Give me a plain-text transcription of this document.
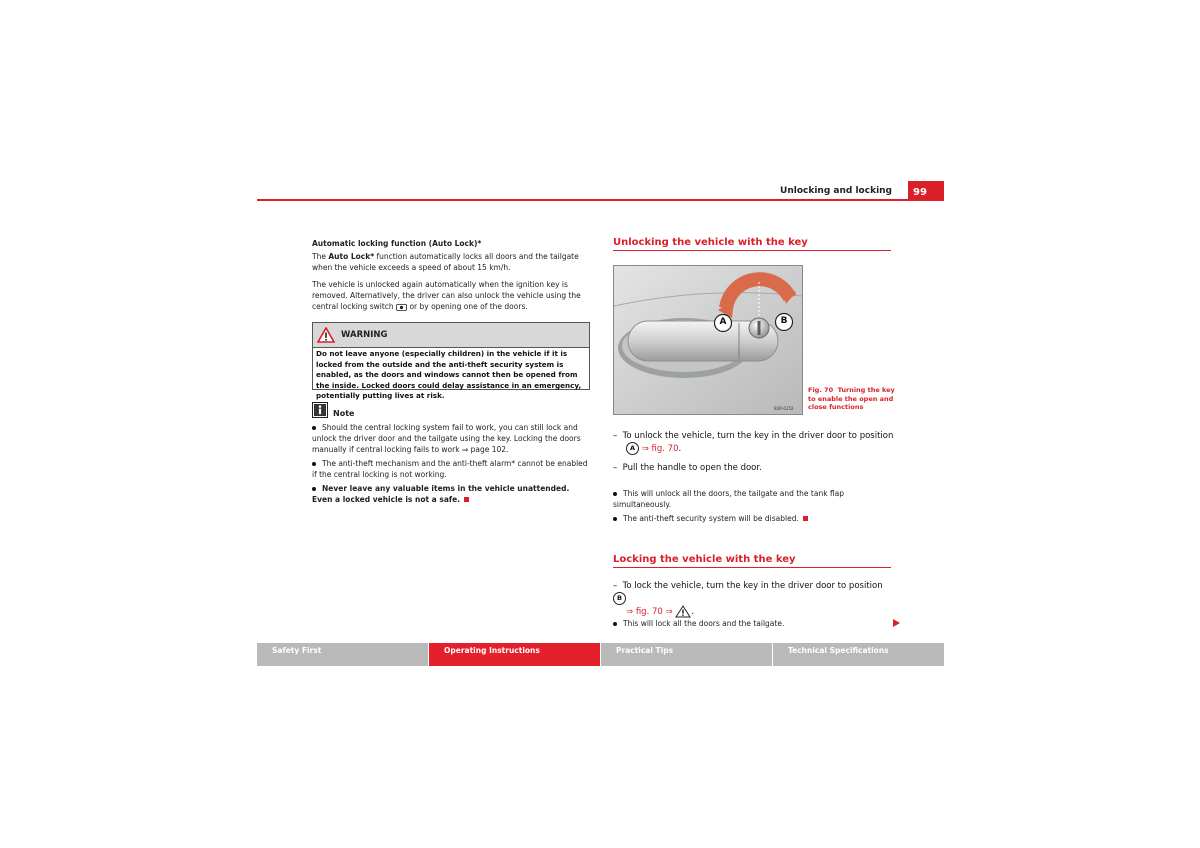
Unlocking and locking	99
Automatic locking function (Auto Lock)*
The Auto Lock* function automatically locks all doors and the tailgate when the vehicle exceeds a speed of about 15 km/h.
The vehicle is unlocked again automatically when the ignition key is removed. Alternatively, the driver can also unlock the vehicle using the central locking switch or by opening one of the doors.
WARNING
Do not leave anyone (especially children) in the vehicle if it is locked from the outside and the anti-theft security system is enabled, as the doors and windows cannot then be opened from the inside. Locked doors could delay assistance in an emergency, potentially putting lives at risk.
Note
Should the central locking system fail to work, you can still lock and unlock the driver door and the tailgate using the key. Locking the doors manually if central locking fails to work ⇒ page 102.
The anti-theft mechanism and the anti-theft alarm* cannot be enabled if the central locking is not working.
Never leave any valuable items in the vehicle unattended. Even a locked vehicle is not a safe.
Unlocking the vehicle with the key
A	B
B3R-0152
Fig. 70 Turning the key to enable the open and close functions
–  To unlock the vehicle, turn the key in the driver door to position
A ⇒ fig. 70.
–  Pull the handle to open the door.
This will unlock all the doors, the tailgate and the tank flap simultaneously.
The anti-theft security system will be disabled.
Locking the vehicle with the key
–  To lock the vehicle, turn the key in the driver door to position B
⇒ fig. 70 ⇒ .
This will lock all the doors and the tailgate.
Safety First	Operating Instructions	Practical Tips	Technical Specifications
